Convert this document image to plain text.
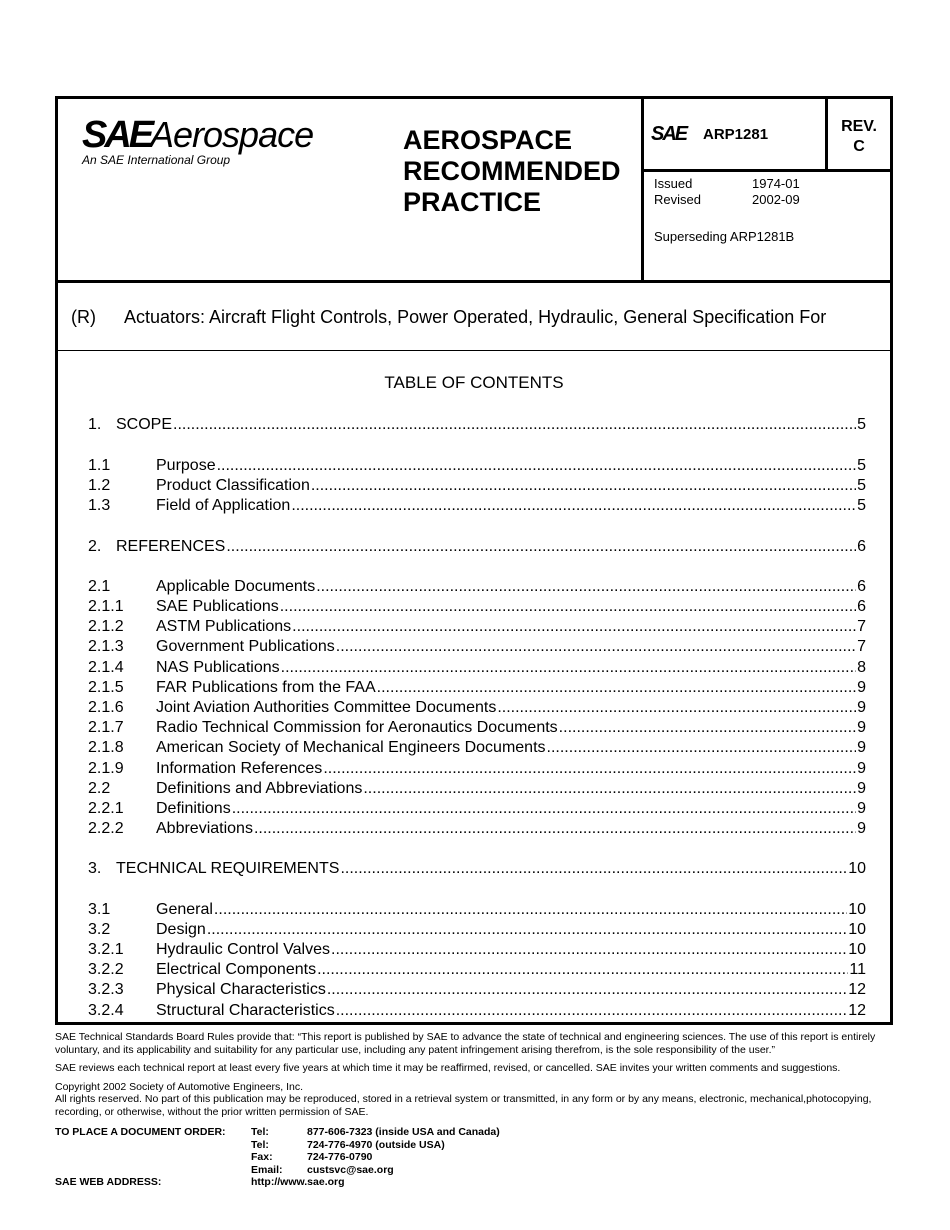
SAE
Aerospace
An SAE International Group
AEROSPACE
RECOMMENDED
PRACTICE
SAE ARP1281	REV.
C
Issued	1974-01
Revised	2002-09
Superseding ARP1281B
(R) Actuators: Aircraft Flight Controls, Power Operated, Hydraulic, General Specification For
TABLE OF CONTENTS
1. SCOPE .....	5
1.1	Purpose .....	5
1.2	Product Classification .....	5
1.3	Field of Application .....	5
2. REFERENCES .....	6
2.1	Applicable Documents .....	6
2.1.1	SAE Publications .....	6
2.1.2	ASTM Publications .....	7
2.1.3	Government Publications .....	7
2.1.4	NAS Publications .....	8
2.1.5	FAR Publications from the FAA .....	9
2.1.6	Joint Aviation Authorities Committee Documents .....	9
2.1.7	Radio Technical Commission for Aeronautics Documents .....	9
2.1.8	American Society of Mechanical Engineers Documents .....	9
2.1.9	Information References .....	9
2.2	Definitions and Abbreviations .....	9
2.2.1	Definitions .....	9
2.2.2	Abbreviations .....	9
3. TECHNICAL REQUIREMENTS .....	10
3.1	General .....	10
3.2	Design .....	10
3.2.1	Hydraulic Control Valves .....	10
3.2.2	Electrical Components .....	11
3.2.3	Physical Characteristics .....	12
3.2.4	Structural Characteristics .....	12

SAE Technical Standards Board Rules provide that: “This report is published by SAE to advance the state of technical and engineering sciences. The use of this report is entirely voluntary, and its applicability and suitability for any particular use, including any patent infringement arising therefrom, is the sole responsibility of the user.”

SAE reviews each technical report at least every five years at which time it may be reaffirmed, revised, or cancelled. SAE invites your written comments and suggestions.

Copyright 2002 Society of Automotive Engineers, Inc.
All rights reserved. No part of this publication may be reproduced, stored in a retrieval system or transmitted, in any form or by any means, electronic, mechanical,photocopying, recording, or otherwise, without the prior written permission of SAE.

TO PLACE A DOCUMENT ORDER:	Tel:	877-606-7323 (inside USA and Canada)
Tel:	724-776-4970 (outside USA)
Fax:	724-776-0790
Email:	custsvc@sae.org
SAE WEB ADDRESS:	http://www.sae.org
